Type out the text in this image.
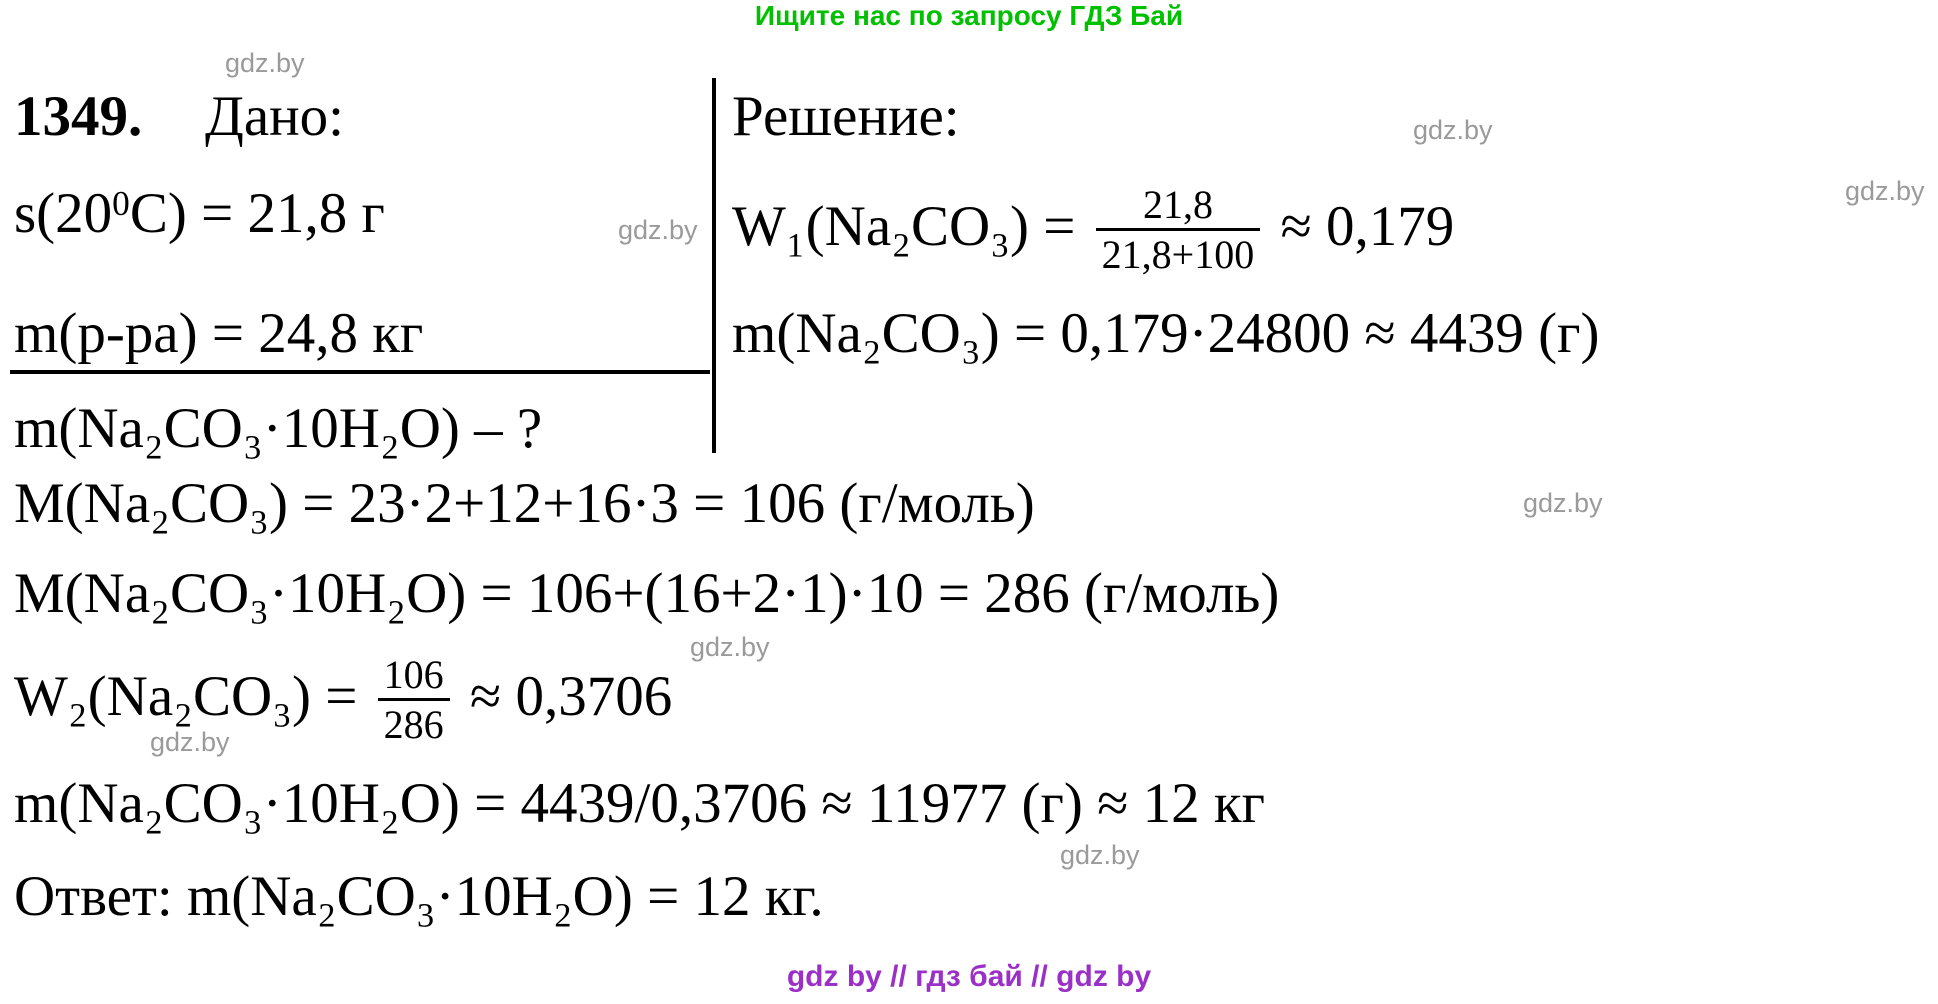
Ищите нас по запросу ГДЗ Бай
gdz.by
gdz.by
gdz.by
gdz.by
gdz.by
gdz.by
gdz.by
gdz.by
1349. Дано:	Решение:
$s(20^0C) = 21,8$ г
m(р-ра) = 24,8 кг
m(Na₂CO₃·10H₂O) – ?
$W_1(Na_2CO_3) = \frac{21,8}{21,8+100} \approx 0,179$
m(Na₂CO₃) = 0,179·24800 ≈ 4439 (г)
M(Na₂CO₃) = 23·2+12+16·3 = 106 (г/моль)
M(Na₂CO₃·10H₂O) = 106+(16+2·1)·10 = 286 (г/моль)
$W_2(Na_2CO_3) = \frac{106}{286} \approx 0,3706$
m(Na₂CO₃·10H₂O) = 4439/0,3706 ≈ 11977 (г) ≈ 12 кг
Ответ: m(Na₂CO₃·10H₂O) = 12 кг.
gdz by // гдз бай // gdz by
